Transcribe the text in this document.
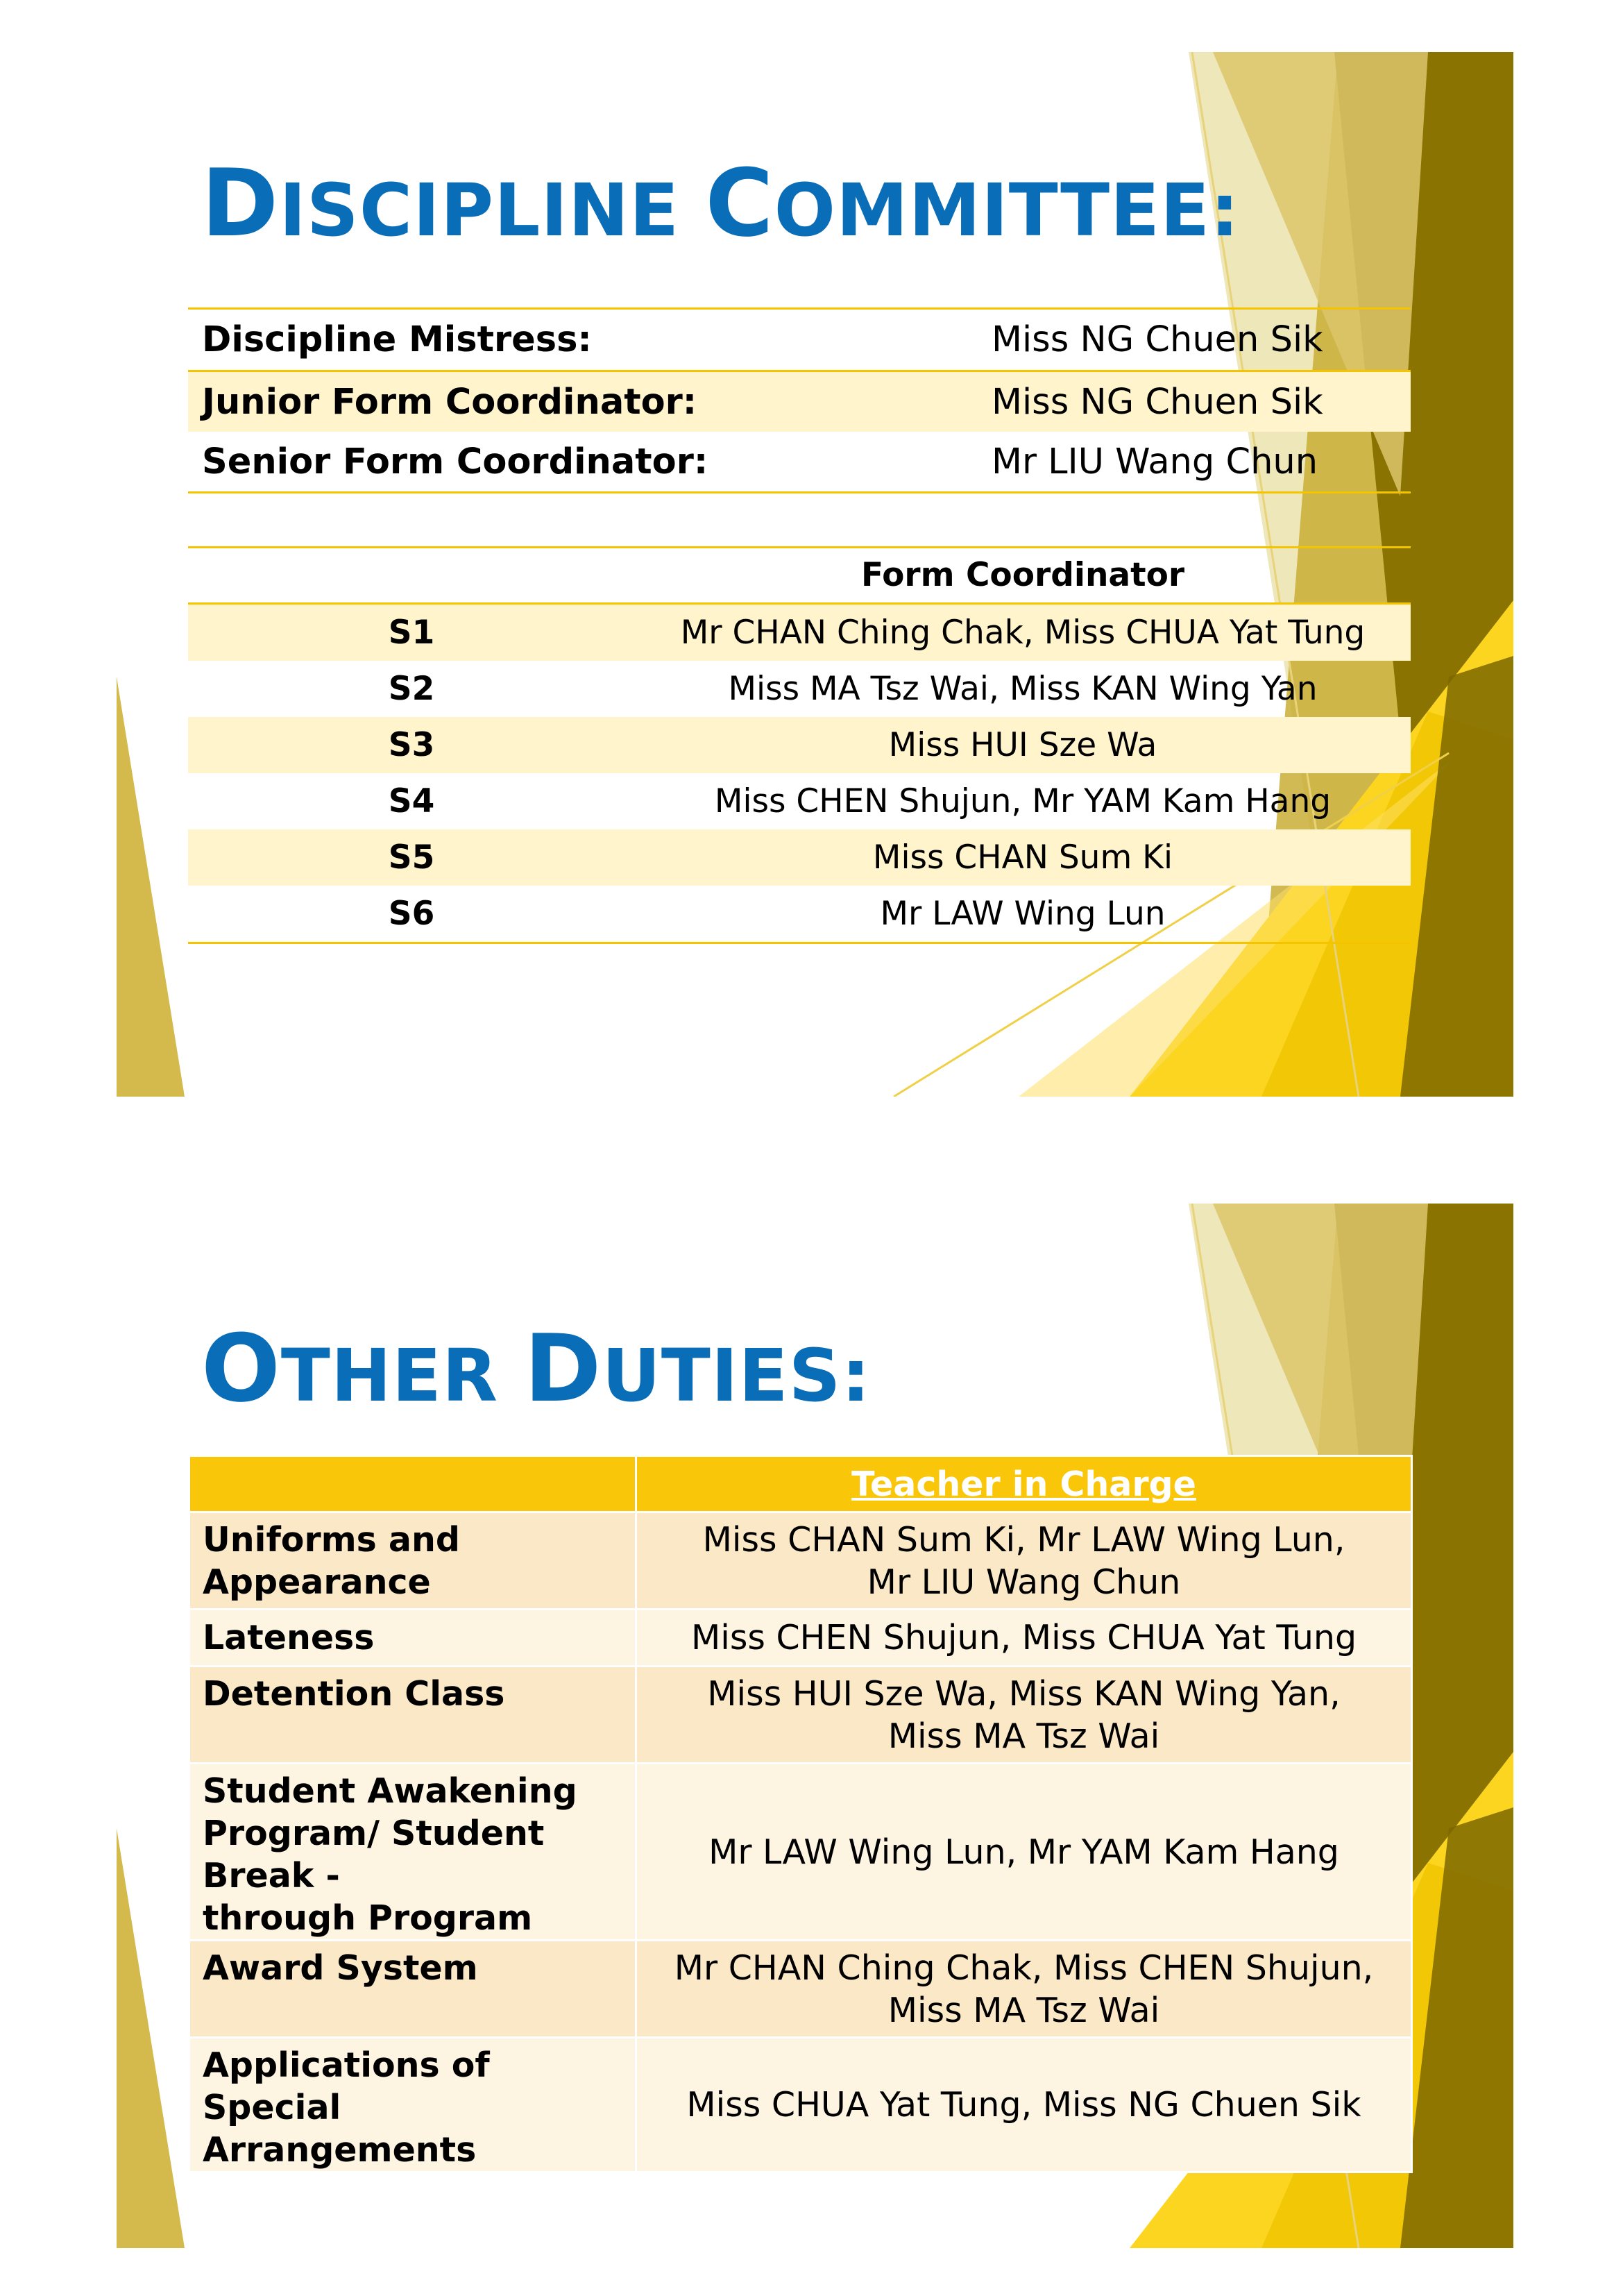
DISCIPLINE COMMITTEE:
Discipline Mistress:	Miss NG Chuen Sik
Junior Form Coordinator:	Miss NG Chuen Sik
Senior Form Coordinator:	Mr LIU Wang Chun
Form Coordinator
S1	Mr CHAN Ching Chak, Miss CHUA Yat Tung
S2	Miss MA Tsz Wai, Miss KAN Wing Yan
S3	Miss HUI Sze Wa
S4	Miss CHEN Shujun, Mr YAM Kam Hang
S5	Miss CHAN Sum Ki
S6	Mr LAW Wing Lun
OTHER DUTIES:
	Teacher in Charge

Uniforms and Appearance	Miss CHAN Sum Ki, Mr LAW Wing Lun,
Mr LIU Wang Chun

Lateness	Miss CHEN Shujun, Miss CHUA Yat Tung

Detention Class	Miss HUI Sze Wa, Miss KAN Wing Yan,
Miss MA Tsz Wai

Student Awakening
Program/ Student Break -
through Program	Mr LAW Wing Lun, Mr YAM Kam Hang

Award System	Mr CHAN Ching Chak, Miss CHEN Shujun,
Miss MA Tsz Wai

Applications of Special
Arrangements	Miss CHUA Yat Tung, Miss NG Chuen Sik
